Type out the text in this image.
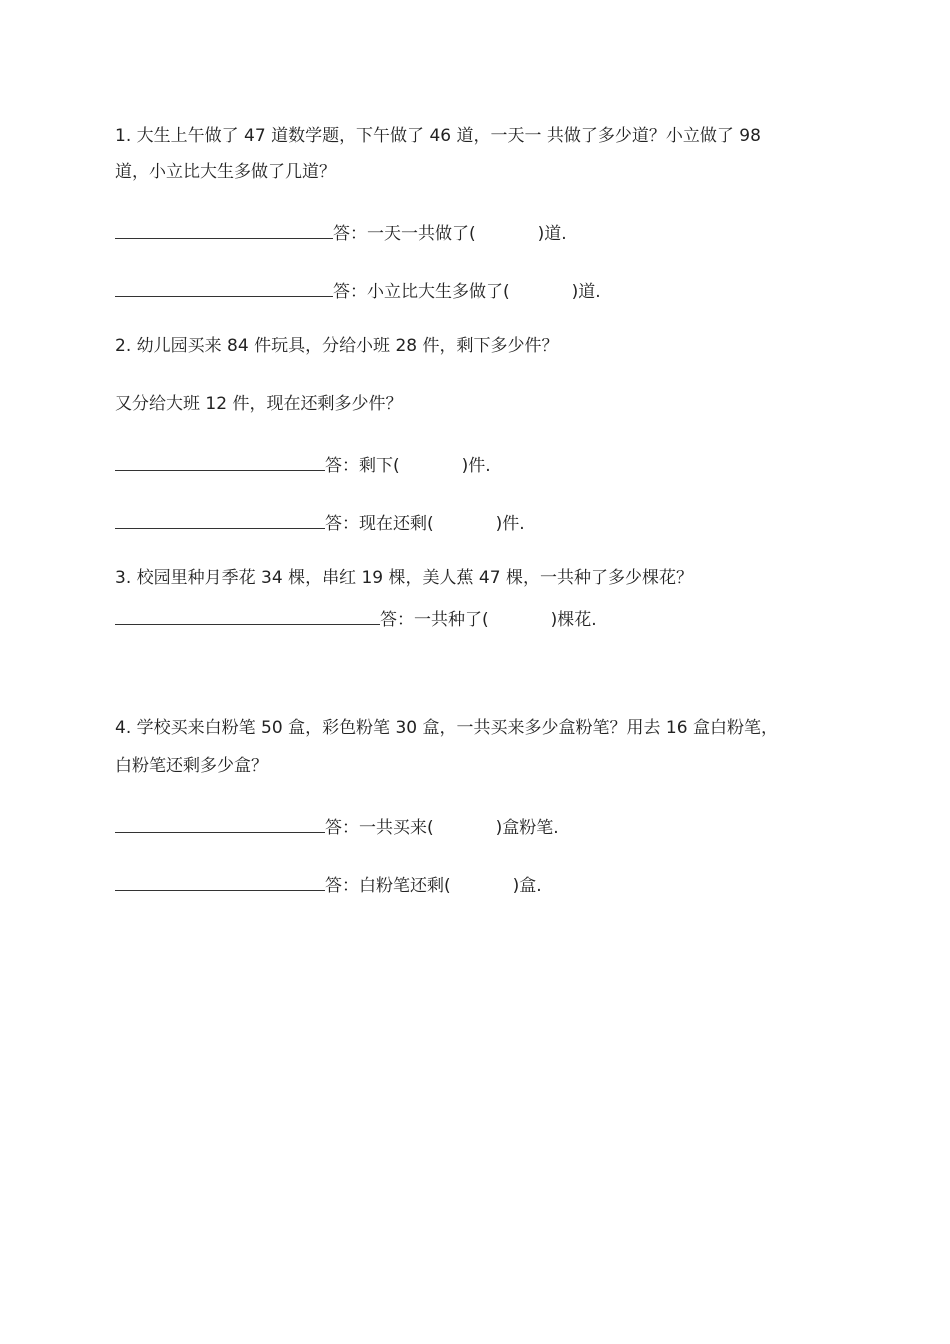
1. 大生上午做了 47 道数学题，下午做了 46 道，一天一 共做了多少道？小立做了 98
道，小立比大生多做了几道？
答：一天一共做了(	)道.
答：小立比大生多做了(	)道.
2. 幼儿园买来 84 件玩具，分给小班 28 件，剩下多少件？
又分给大班 12 件，现在还剩多少件？
答：剩下(	)件.
答：现在还剩(	)件.
3. 校园里种月季花 34 棵，串红 19 棵，美人蕉 47 棵，一共种了多少棵花？
答：一共种了(	)棵花.
4. 学校买来白粉笔 50 盒，彩色粉笔 30 盒，一共买来多少盒粉笔？用去 16 盒白粉笔，
白粉笔还剩多少盒？
答：一共买来(	)盒粉笔.
答：白粉笔还剩(	)盒.
